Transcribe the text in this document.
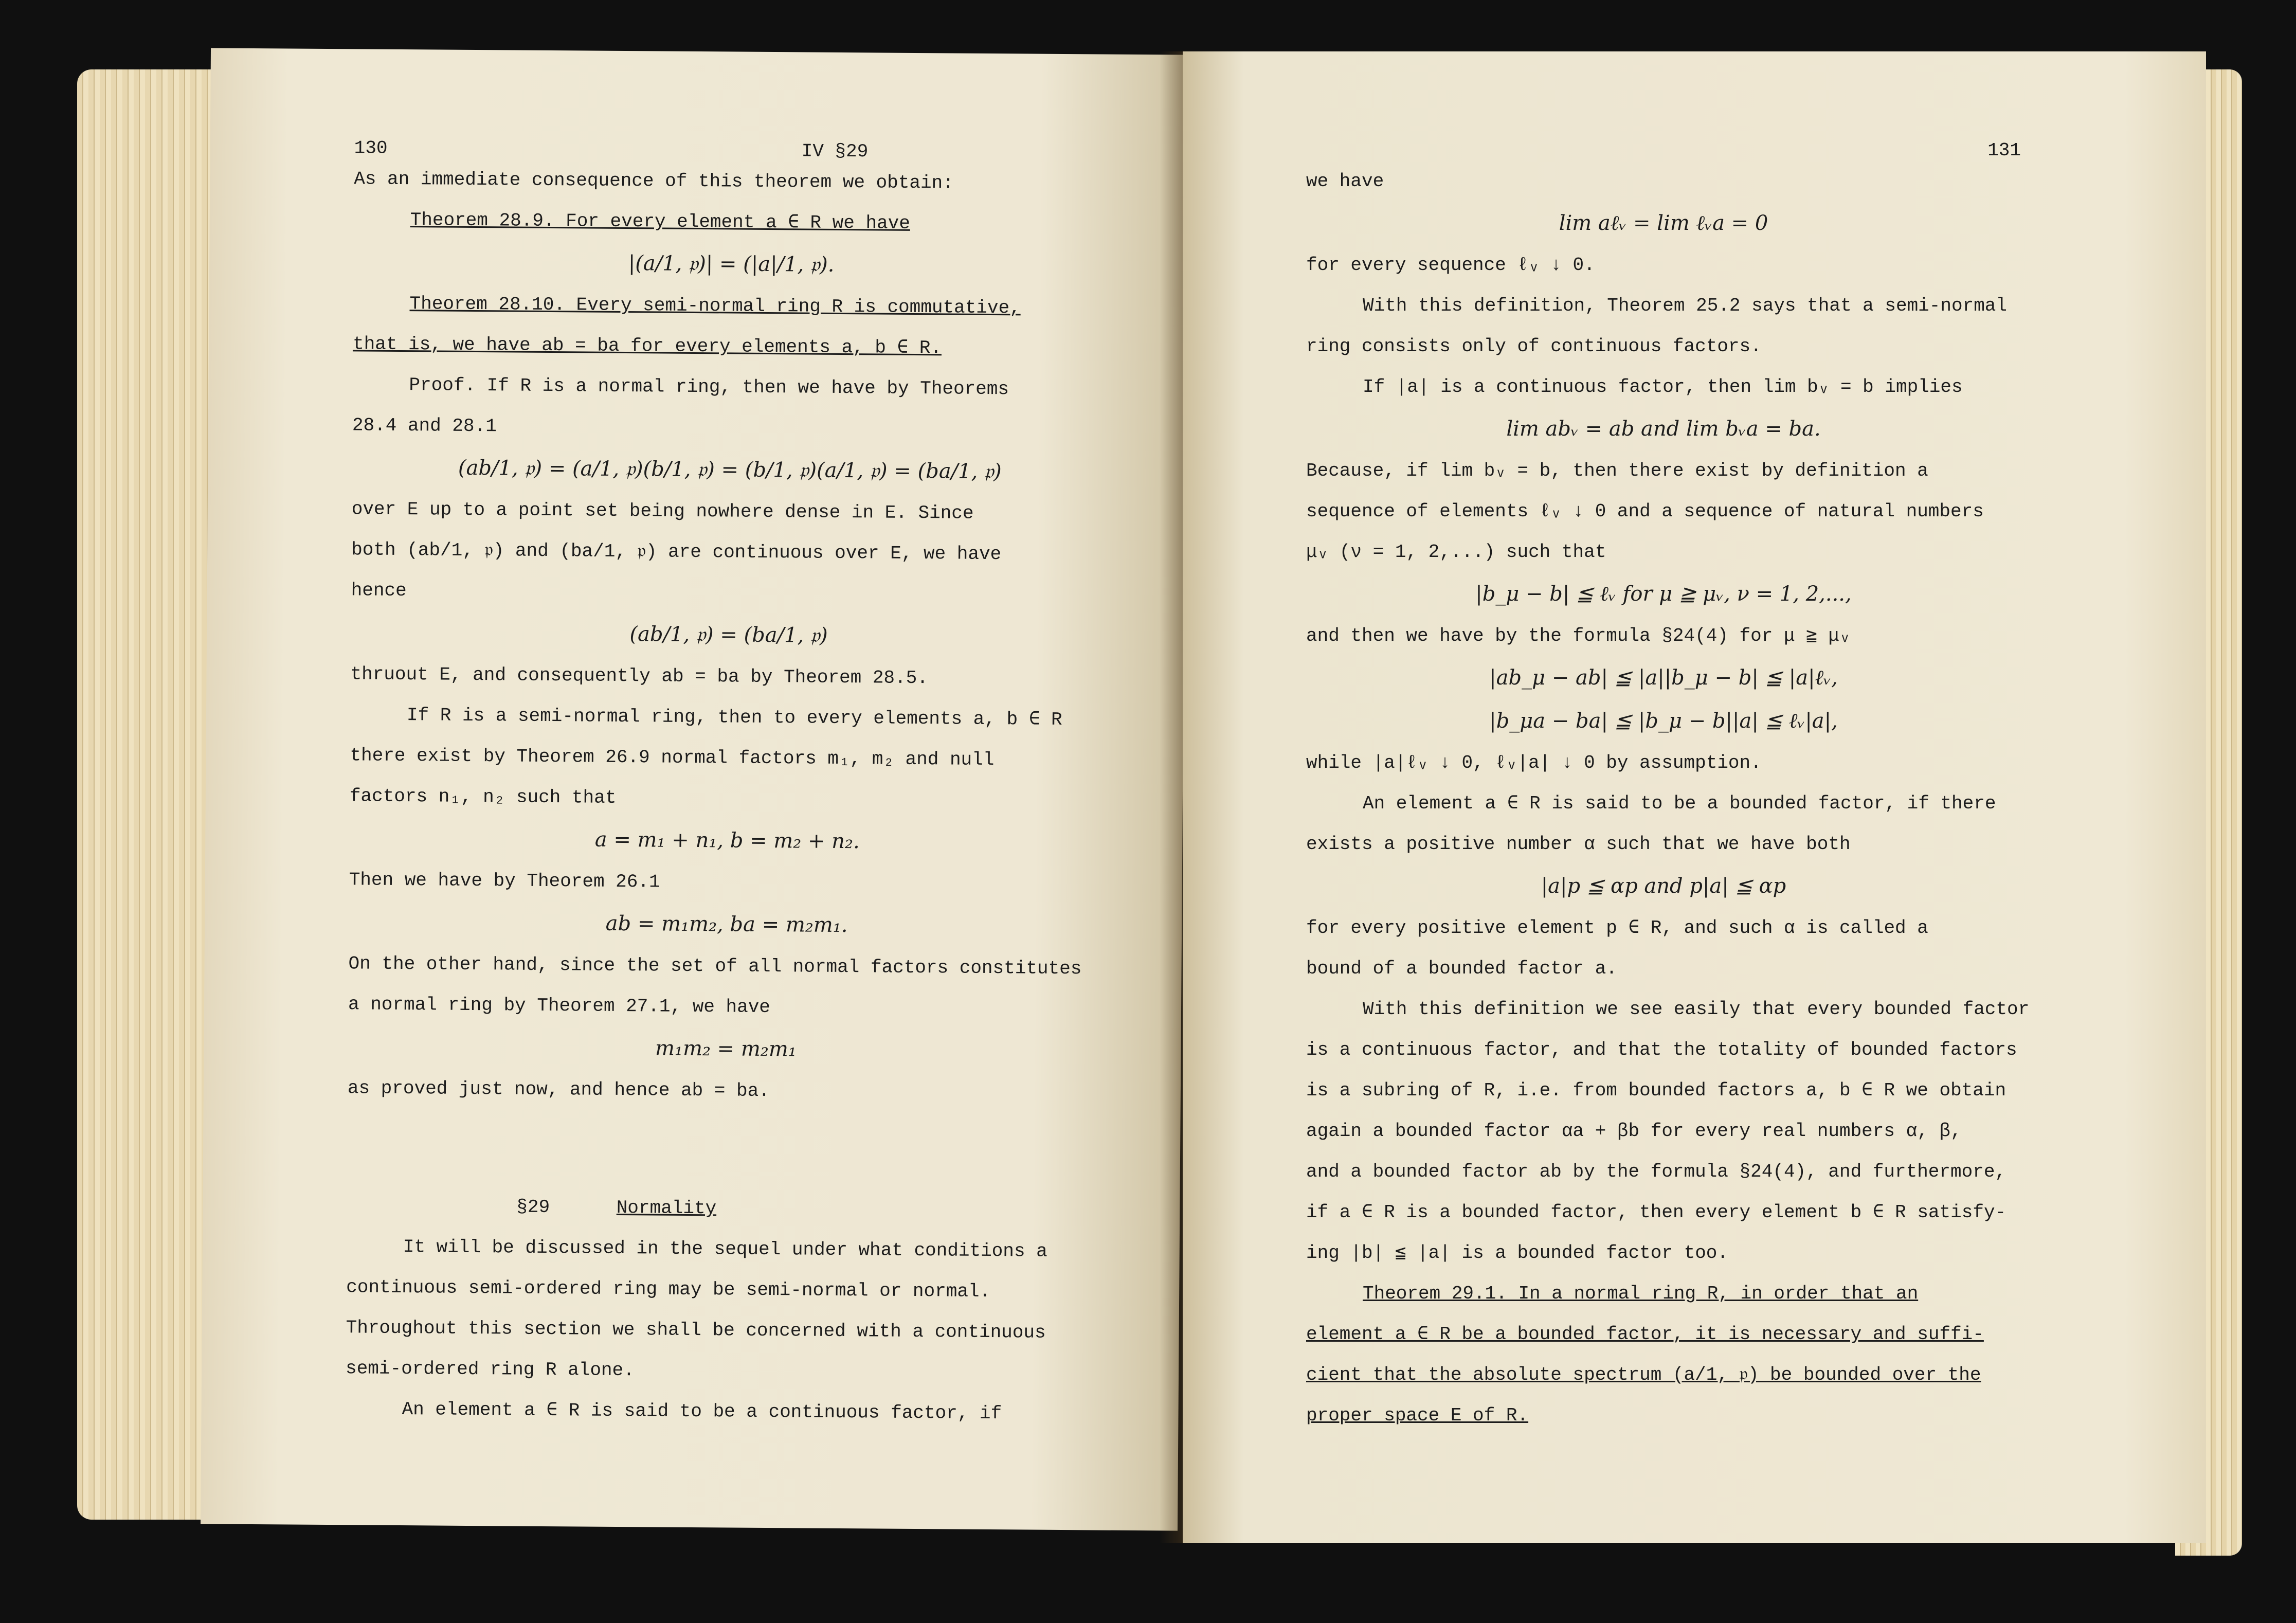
130	IV §29
As an immediate consequence of this theorem we obtain:
Theorem 28.9. For every element a ∈ R we have
|(a/1, 𝔭)| = (|a|/1, 𝔭).
Theorem 28.10. Every semi-normal ring R is commutative,
that is, we have ab = ba for every elements a, b ∈ R.
Proof. If R is a normal ring, then we have by Theorems
28.4 and 28.1
(ab/1, 𝔭) = (a/1, 𝔭)(b/1, 𝔭) = (b/1, 𝔭)(a/1, 𝔭) = (ba/1, 𝔭)
over E up to a point set being nowhere dense in E. Since
both (ab/1, 𝔭) and (ba/1, 𝔭) are continuous over E, we have
hence
(ab/1, 𝔭) = (ba/1, 𝔭)
thruout E, and consequently ab = ba by Theorem 28.5.
If R is a semi-normal ring, then to every elements a, b ∈ R
there exist by Theorem 26.9 normal factors m₁, m₂ and null
factors n₁, n₂ such that
a = m₁ + n₁, b = m₂ + n₂.
Then we have by Theorem 26.1
ab = m₁m₂, ba = m₂m₁.
On the other hand, since the set of all normal factors constitutes
a normal ring by Theorem 27.1, we have
m₁m₂ = m₂m₁
as proved just now, and hence ab = ba.
§29	Normality
It will be discussed in the sequel under what conditions a
continuous semi-ordered ring may be semi-normal or normal.
Throughout this section we shall be concerned with a continuous
semi-ordered ring R alone.
An element a ∈ R is said to be a continuous factor, if
131
we have
lim aℓᵥ = lim ℓᵥa = 0
for every sequence ℓᵥ ↓ 0.
With this definition, Theorem 25.2 says that a semi-normal
ring consists only of continuous factors.
If |a| is a continuous factor, then lim bᵥ = b implies
lim abᵥ = ab and lim bᵥa = ba.
Because, if lim bᵥ = b, then there exist by definition a
sequence of elements ℓᵥ ↓ 0 and a sequence of natural numbers
μᵥ (ν = 1, 2,...) such that
|b_μ − b| ≦ ℓᵥ for μ ≧ μᵥ, ν = 1, 2,...,
and then we have by the formula §24(4) for μ ≧ μᵥ
|ab_μ − ab| ≦ |a||b_μ − b| ≦ |a|ℓᵥ,
|b_μa − ba| ≦ |b_μ − b||a| ≦ ℓᵥ|a|,
while |a|ℓᵥ ↓ 0, ℓᵥ|a| ↓ 0 by assumption.
An element a ∈ R is said to be a bounded factor, if there
exists a positive number α such that we have both
|a|p ≦ αp and p|a| ≦ αp
for every positive element p ∈ R, and such α is called a
bound of a bounded factor a.
With this definition we see easily that every bounded factor
is a continuous factor, and that the totality of bounded factors
is a subring of R, i.e. from bounded factors a, b ∈ R we obtain
again a bounded factor αa + βb for every real numbers α, β,
and a bounded factor ab by the formula §24(4), and furthermore,
if a ∈ R is a bounded factor, then every element b ∈ R satisfy-
ing |b| ≦ |a| is a bounded factor too.
Theorem 29.1. In a normal ring R, in order that an
element a ∈ R be a bounded factor, it is necessary and suffi-
cient that the absolute spectrum (a/1, 𝔭) be bounded over the
proper space E of R.
